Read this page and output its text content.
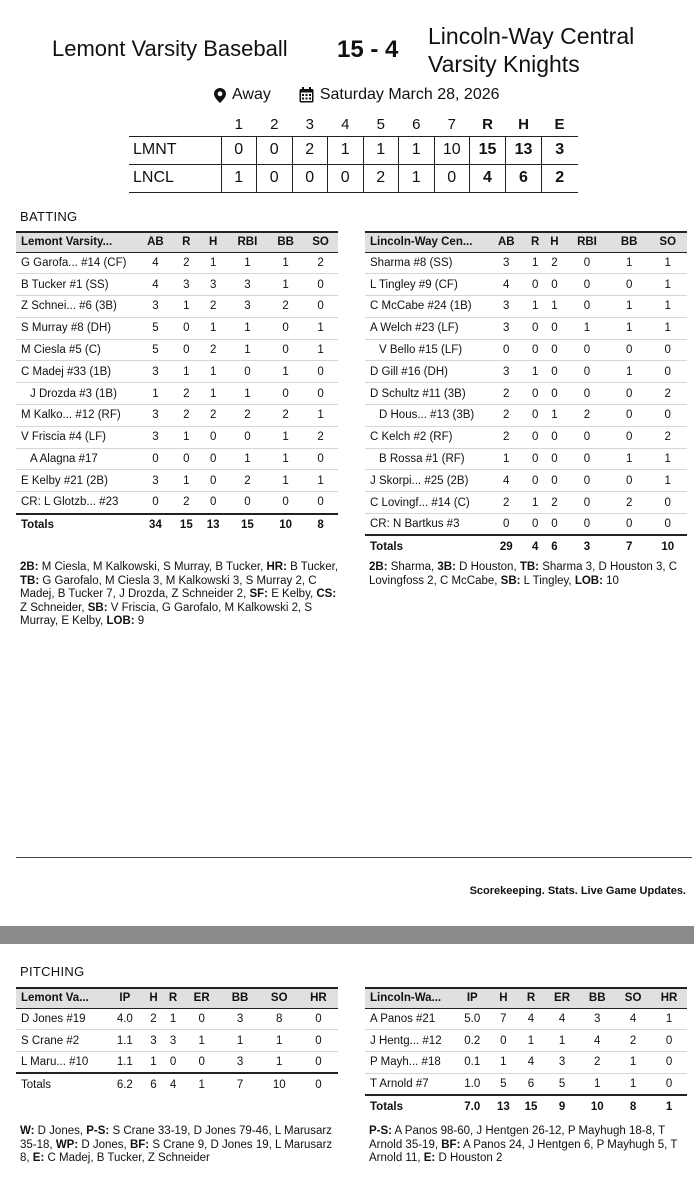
Lemont Varsity Baseball 15 - 4 Lincoln-Way Central Varsity Knights
Away	Saturday March 28, 2026
	1	2	3	4	5	6	7	R	H	E
LMNT	0	0	2	1	1	1	10	15	13	3
LNCL	1	0	0	0	2	1	0	4	6	2
BATTING
Lemont Varsity...	AB	R	H	RBI	BB	SO
G Garofa... #14 (CF)	4	2	1	1	1	2
B Tucker #1 (SS)	4	3	3	3	1	0
Z Schnei... #6 (3B)	3	1	2	3	2	0
S Murray #8 (DH)	5	0	1	1	0	1
M Ciesla #5 (C)	5	0	2	1	0	1
C Madej #33 (1B)	3	1	1	0	1	0
J Drozda #3 (1B)	1	2	1	1	0	0
M Kalko... #12 (RF)	3	2	2	2	2	1
V Friscia #4 (LF)	3	1	0	0	1	2
A Alagna #17	0	0	0	1	1	0
E Kelby #21 (2B)	3	1	0	2	1	1
CR: L Glotzb... #23	0	2	0	0	0	0
Totals	34	15	13	15	10	8
Lincoln-Way Cen...	AB	R	H	RBI	BB	SO
Sharma #8 (SS)	3	1	2	0	1	1
L Tingley #9 (CF)	4	0	0	0	0	1
C McCabe #24 (1B)	3	1	1	0	1	1
A Welch #23 (LF)	3	0	0	1	1	1
V Bello #15 (LF)	0	0	0	0	0	0
D Gill #16 (DH)	3	1	0	0	1	0
D Schultz #11 (3B)	2	0	0	0	0	2
D Hous... #13 (3B)	2	0	1	2	0	0
C Kelch #2 (RF)	2	0	0	0	0	2
B Rossa #1 (RF)	1	0	0	0	1	1
J Skorpi... #25 (2B)	4	0	0	0	0	1
C Lovingf... #14 (C)	2	1	2	0	2	0
CR: N Bartkus #3	0	0	0	0	0	0
Totals	29	4	6	3	7	10
2B: M Ciesla, M Kalkowski, S Murray, B Tucker, HR: B Tucker, TB: G Garofalo, M Ciesla 3, M Kalkowski 3, S Murray 2, C Madej, B Tucker 7, J Drozda, Z Schneider 2, SF: E Kelby, CS: Z Schneider, SB: V Friscia, G Garofalo, M Kalkowski 2, S Murray, E Kelby, LOB: 9
2B: Sharma, 3B: D Houston, TB: Sharma 3, D Houston 3, C Lovingfoss 2, C McCabe, SB: L Tingley, LOB: 10
Scorekeeping. Stats. Live Game Updates.
PITCHING
Lemont Va...	IP	H	R	ER	BB	SO	HR
D Jones #19	4.0	2	1	0	3	8	0
S Crane #2	1.1	3	3	1	1	1	0
L Maru... #10	1.1	1	0	0	3	1	0
Totals	6.2	6	4	1	7	10	0
Lincoln-Wa...	IP	H	R	ER	BB	SO	HR
A Panos #21	5.0	7	4	4	3	4	1
J Hentg... #12	0.2	0	1	1	4	2	0
P Mayh... #18	0.1	1	4	3	2	1	0
T Arnold #7	1.0	5	6	5	1	1	0
Totals	7.0	13	15	9	10	8	1
W: D Jones, P-S: S Crane 33-19, D Jones 79-46, L Marusarz 35-18, WP: D Jones, BF: S Crane 9, D Jones 19, L Marusarz 8, E: C Madej, B Tucker, Z Schneider
P-S: A Panos 98-60, J Hentgen 26-12, P Mayhugh 18-8, T Arnold 35-19, BF: A Panos 24, J Hentgen 6, P Mayhugh 5, T Arnold 11, E: D Houston 2
